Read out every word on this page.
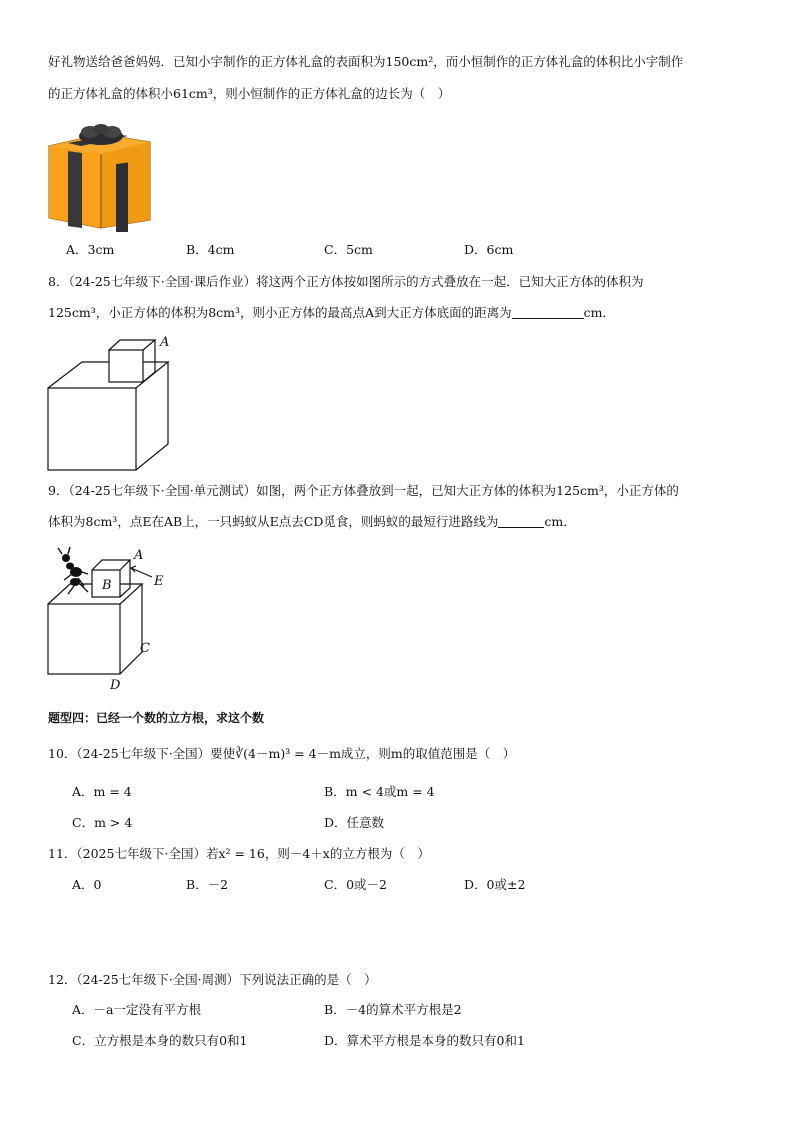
好礼物送给爸爸妈妈．已知小宇制作的正方体礼盒的表面积为150cm²，而小恒制作的正方体礼盒的体积比小宇制作
的正方体礼盒的体积小61cm³，则小恒制作的正方体礼盒的边长为（　）
A．3cm	B．4cm	C．5cm	D．6cm
8．（24-25七年级下·全国·课后作业）将这两个正方体按如图所示的方式叠放在一起．已知大正方体的体积为
125cm³，小正方体的体积为8cm³，则小正方体的最高点A到大正方体底面的距离为	cm．
A
9．（24-25七年级下·全国·单元测试）如图，两个正方体叠放到一起，已知大正方体的体积为125cm³，小正方体的
体积为8cm³，点E在AB上，一只蚂蚁从E点去CD觅食，则蚂蚁的最短行进路线为	cm．
A
B	E
C
D
题型四：已经一个数的立方根，求这个数
10．（24-25七年级下·全国）要使∛(4－m)³ = 4－m成立，则m的取值范围是（　）
A．m = 4	B．m < 4或m = 4
C．m > 4	D．任意数
11．（2025七年级下·全国）若x² = 16，则－4＋x的立方根为（　）
A．0	B．－2	C．0或－2	D．0或±2
12．（24-25七年级下·全国·周测）下列说法正确的是（　）
A．－a一定没有平方根	B．－4的算术平方根是2
C．立方根是本身的数只有0和1	D．算术平方根是本身的数只有0和1
